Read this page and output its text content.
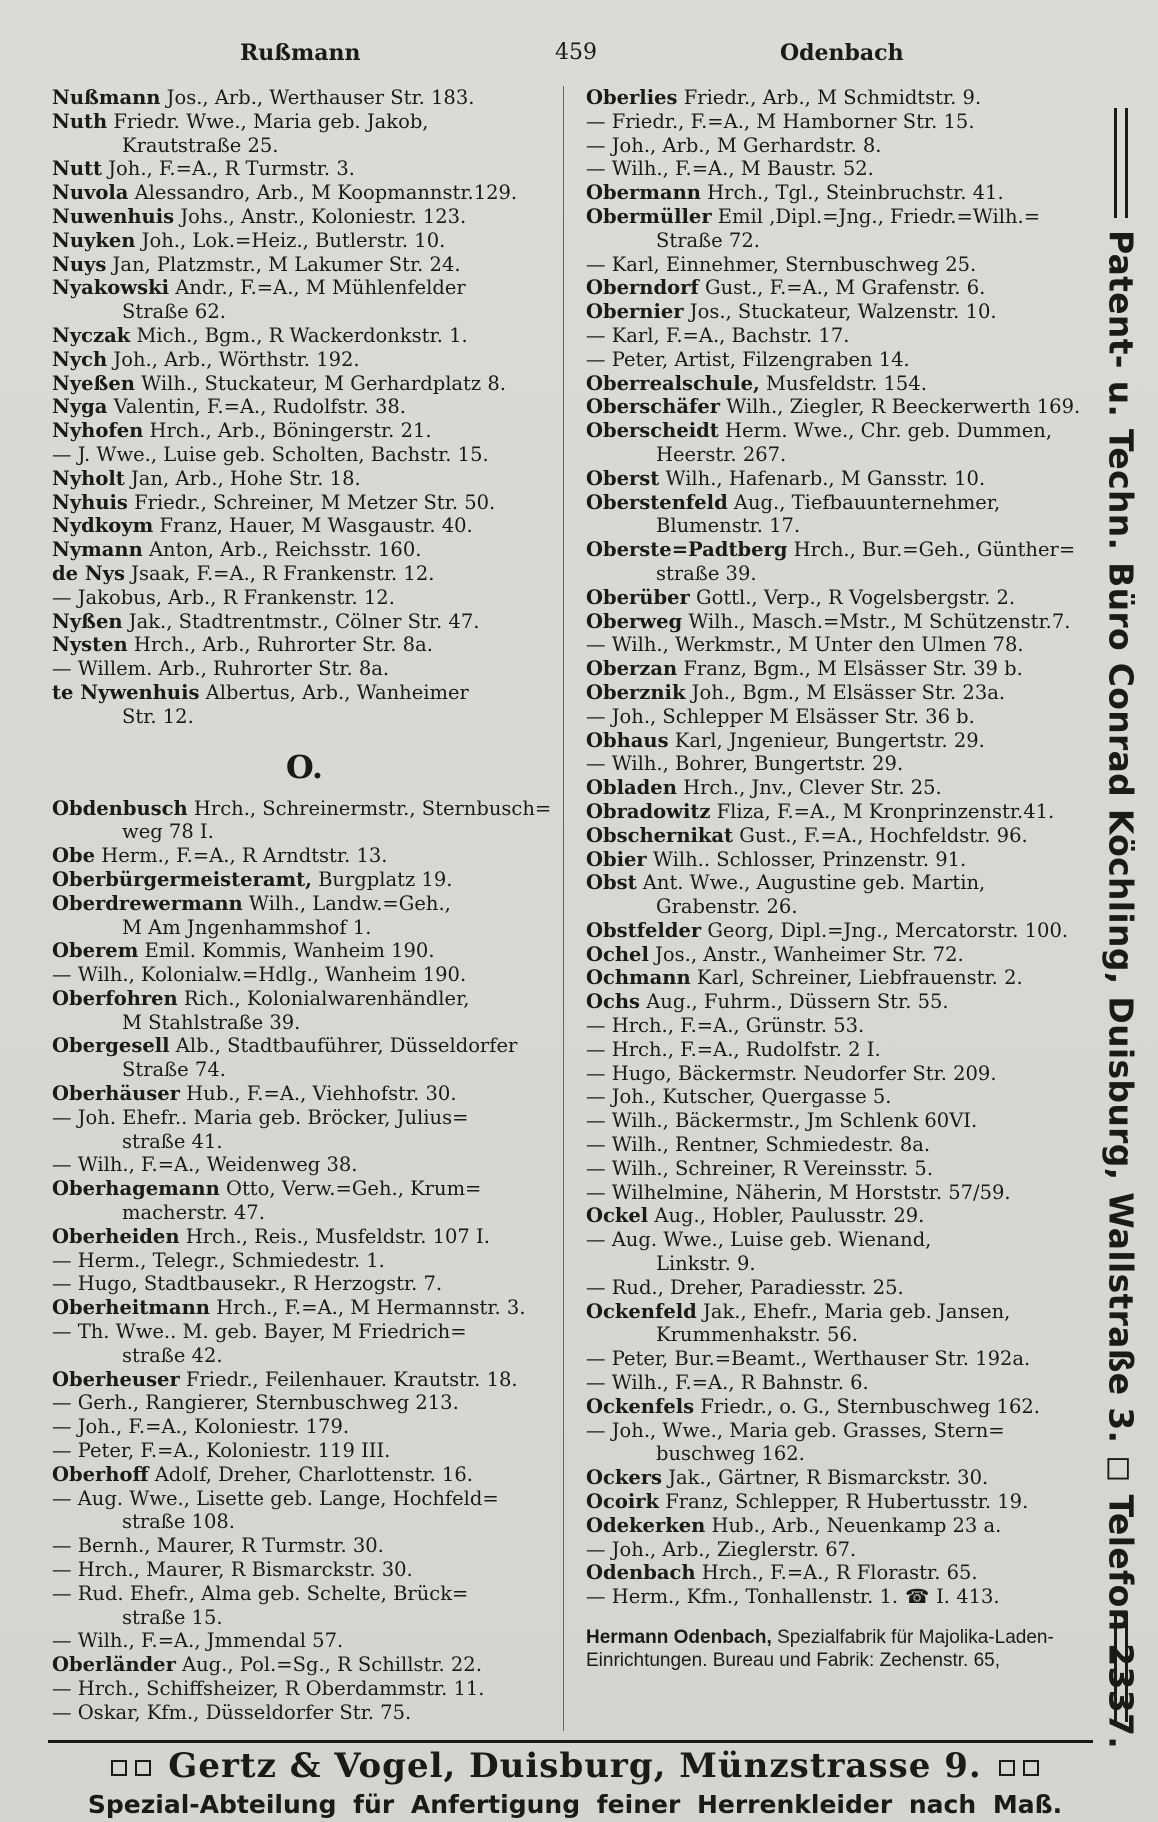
Rußmann	459	Odenbach
Nußmann Jos., Arb., Werthauser Str. 183.
Nuth Friedr. Wwe., Maria geb. Jakob,
Krautstraße 25.
Nutt Joh., F.=A., R Turmstr. 3.
Nuvola Alessandro, Arb., M Koopmannstr.129.
Nuwenhuis Johs., Anstr., Koloniestr. 123.
Nuyken Joh., Lok.=Heiz., Butlerstr. 10.
Nuys Jan, Platzmstr., M Lakumer Str. 24.
Nyakowski Andr., F.=A., M Mühlenfelder
Straße 62.
Nyczak Mich., Bgm., R Wackerdonkstr. 1.
Nych Joh., Arb., Wörthstr. 192.
Nyeßen Wilh., Stuckateur, M Gerhardplatz 8.
Nyga Valentin, F.=A., Rudolfstr. 38.
Nyhofen Hrch., Arb., Böningerstr. 21.
— J. Wwe., Luise geb. Scholten, Bachstr. 15.
Nyholt Jan, Arb., Hohe Str. 18.
Nyhuis Friedr., Schreiner, M Metzer Str. 50.
Nydkoym Franz, Hauer, M Wasgaustr. 40.
Nymann Anton, Arb., Reichsstr. 160.
de Nys Jsaak, F.=A., R Frankenstr. 12.
— Jakobus, Arb., R Frankenstr. 12.
Nyßen Jak., Stadtrentmstr., Cölner Str. 47.
Nysten Hrch., Arb., Ruhrorter Str. 8a.
— Willem. Arb., Ruhrorter Str. 8a.
te Nywenhuis Albertus, Arb., Wanheimer
Str. 12.
O.
Obdenbusch Hrch., Schreinermstr., Sternbusch=
weg 78 I.
Obe Herm., F.=A., R Arndtstr. 13.
Oberbürgermeisteramt, Burgplatz 19.
Oberdrewermann Wilh., Landw.=Geh.,
M Am Jngenhammshof 1.
Oberem Emil. Kommis, Wanheim 190.
— Wilh., Kolonialw.=Hdlg., Wanheim 190.
Oberfohren Rich., Kolonialwarenhändler,
M Stahlstraße 39.
Obergesell Alb., Stadtbauführer, Düsseldorfer
Straße 74.
Oberhäuser Hub., F.=A., Viehhofstr. 30.
— Joh. Ehefr.. Maria geb. Bröcker, Julius=
straße 41.
— Wilh., F.=A., Weidenweg 38.
Oberhagemann Otto, Verw.=Geh., Krum=
macherstr. 47.
Oberheiden Hrch., Reis., Musfeldstr. 107 I.
— Herm., Telegr., Schmiedestr. 1.
— Hugo, Stadtbausekr., R Herzogstr. 7.
Oberheitmann Hrch., F.=A., M Hermannstr. 3.
— Th. Wwe.. M. geb. Bayer, M Friedrich=
straße 42.
Oberheuser Friedr., Feilenhauer. Krautstr. 18.
— Gerh., Rangierer, Sternbuschweg 213.
— Joh., F.=A., Koloniestr. 179.
— Peter, F.=A., Koloniestr. 119 III.
Oberhoff Adolf, Dreher, Charlottenstr. 16.
— Aug. Wwe., Lisette geb. Lange, Hochfeld=
straße 108.
— Bernh., Maurer, R Turmstr. 30.
— Hrch., Maurer, R Bismarckstr. 30.
— Rud. Ehefr., Alma geb. Schelte, Brück=
straße 15.
— Wilh., F.=A., Jmmendal 57.
Oberländer Aug., Pol.=Sg., R Schillstr. 22.
— Hrch., Schiffsheizer, R Oberdammstr. 11.
— Oskar, Kfm., Düsseldorfer Str. 75.
Oberlies Friedr., Arb., M Schmidtstr. 9.
— Friedr., F.=A., M Hamborner Str. 15.
— Joh., Arb., M Gerhardstr. 8.
— Wilh., F.=A., M Baustr. 52.
Obermann Hrch., Tgl., Steinbruchstr. 41.
Obermüller Emil ,Dipl.=Jng., Friedr.=Wilh.=
Straße 72.
— Karl, Einnehmer, Sternbuschweg 25.
Oberndorf Gust., F.=A., M Grafenstr. 6.
Obernier Jos., Stuckateur, Walzenstr. 10.
— Karl, F.=A., Bachstr. 17.
— Peter, Artist, Filzengraben 14.
Oberrealschule, Musfeldstr. 154.
Oberschäfer Wilh., Ziegler, R Beeckerwerth 169.
Oberscheidt Herm. Wwe., Chr. geb. Dummen,
Heerstr. 267.
Oberst Wilh., Hafenarb., M Gansstr. 10.
Oberstenfeld Aug., Tiefbauunternehmer,
Blumenstr. 17.
Oberste=Padtberg Hrch., Bur.=Geh., Günther=
straße 39.
Oberüber Gottl., Verp., R Vogelsbergstr. 2.
Oberweg Wilh., Masch.=Mstr., M Schützenstr.7.
— Wilh., Werkmstr., M Unter den Ulmen 78.
Oberzan Franz, Bgm., M Elsässer Str. 39 b.
Oberznik Joh., Bgm., M Elsässer Str. 23a.
— Joh., Schlepper M Elsässer Str. 36 b.
Obhaus Karl, Jngenieur, Bungertstr. 29.
— Wilh., Bohrer, Bungertstr. 29.
Obladen Hrch., Jnv., Clever Str. 25.
Obradowitz Fliza, F.=A., M Kronprinzenstr.41.
Obschernikat Gust., F.=A., Hochfeldstr. 96.
Obier Wilh.. Schlosser, Prinzenstr. 91.
Obst Ant. Wwe., Augustine geb. Martin,
Grabenstr. 26.
Obstfelder Georg, Dipl.=Jng., Mercatorstr. 100.
Ochel Jos., Anstr., Wanheimer Str. 72.
Ochmann Karl, Schreiner, Liebfrauenstr. 2.
Ochs Aug., Fuhrm., Düssern Str. 55.
— Hrch., F.=A., Grünstr. 53.
— Hrch., F.=A., Rudolfstr. 2 I.
— Hugo, Bäckermstr. Neudorfer Str. 209.
— Joh., Kutscher, Quergasse 5.
— Wilh., Bäckermstr., Jm Schlenk 60VI.
— Wilh., Rentner, Schmiedestr. 8a.
— Wilh., Schreiner, R Vereinsstr. 5.
— Wilhelmine, Näherin, M Horststr. 57/59.
Ockel Aug., Hobler, Paulusstr. 29.
— Aug. Wwe., Luise geb. Wienand,
Linkstr. 9.
— Rud., Dreher, Paradiesstr. 25.
Ockenfeld Jak., Ehefr., Maria geb. Jansen,
Krummenhakstr. 56.
— Peter, Bur.=Beamt., Werthauser Str. 192a.
— Wilh., F.=A., R Bahnstr. 6.
Ockenfels Friedr., o. G., Sternbuschweg 162.
— Joh., Wwe., Maria geb. Grasses, Stern=
buschweg 162.
Ockers Jak., Gärtner, R Bismarckstr. 30.
Ocoirk Franz, Schlepper, R Hubertusstr. 19.
Odekerken Hub., Arb., Neuenkamp 23 a.
— Joh., Arb., Zieglerstr. 67.
Odenbach Hrch., F.=A., R Florastr. 65.
— Herm., Kfm., Tonhallenstr. 1. ☎ I. 413.
Hermann Odenbach, Spezialfabrik für Majolika-Laden-Einrichtungen. Bureau und Fabrik: Zechenstr. 65,	Patent- u. Techn. Büro Conrad Köchling, Duisburg, Wallstraße 3. ◻ Telefon 2337.
Gertz & Vogel, Duisburg, Münzstrasse 9.
Spezial-Abteilung für Anfertigung feiner Herrenkleider nach Maß.
